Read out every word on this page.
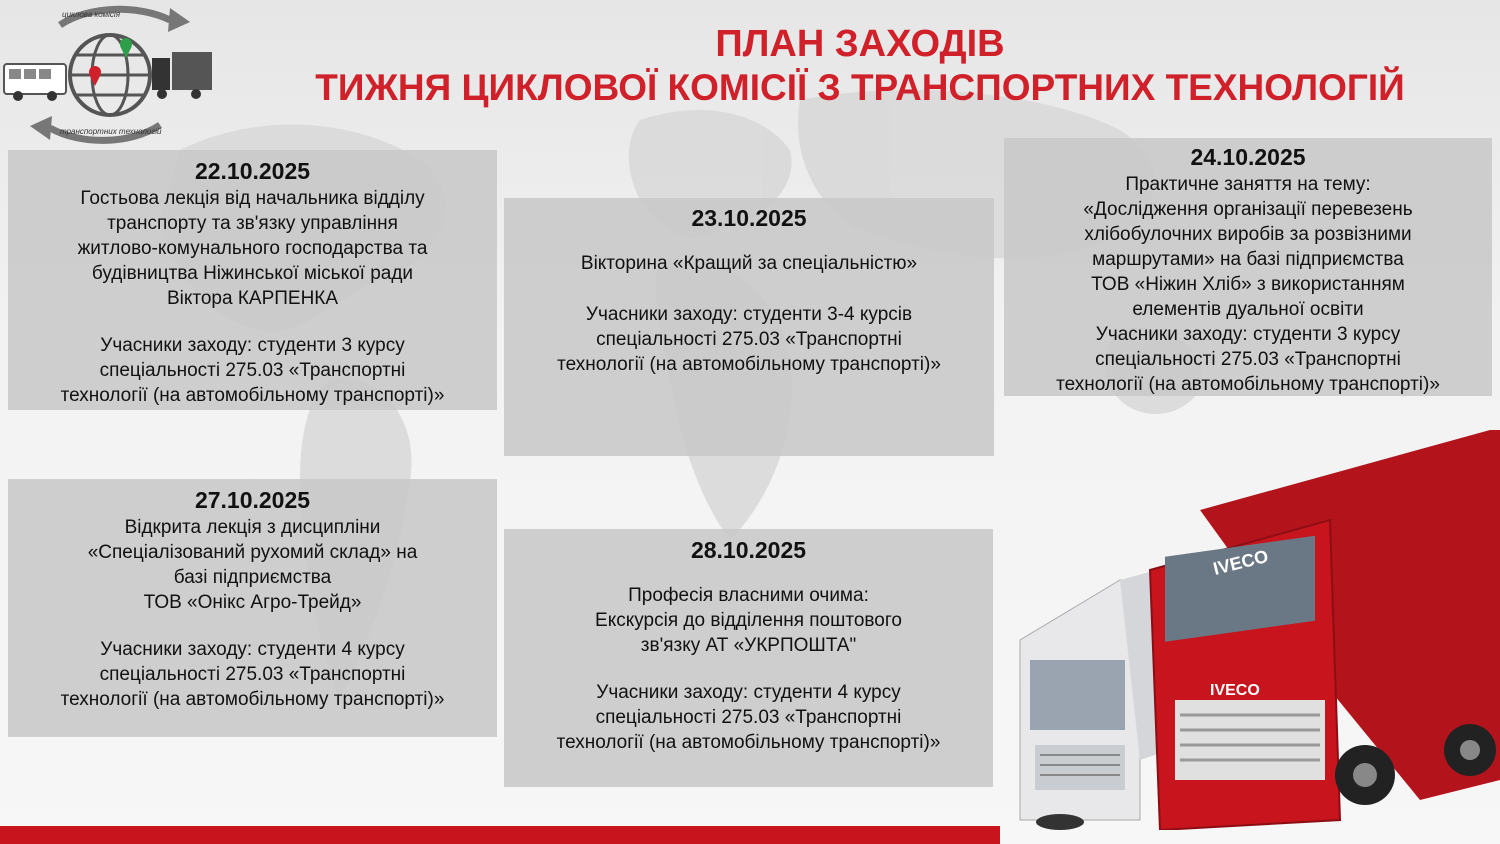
циклова комісія
транспортних технологій
ПЛАН ЗАХОДІВ
ТИЖНЯ ЦИКЛОВОЇ КОМІСІЇ З ТРАНСПОРТНИХ ТЕХНОЛОГІЙ
22.10.2025
Гостьова лекція від начальника відділу
транспорту та зв'язку управління
житлово-комунального господарства та
будівництва Ніжинської міської ради
Віктора КАРПЕНКА
Учасники заходу: студенти 3 курсу
спеціальності 275.03 «Транспортні
технології (на автомобільному транспорті)»
23.10.2025
Вікторина «Кращий за спеціальністю»
Учасники заходу: студенти 3-4 курсів
спеціальності 275.03 «Транспортні
технології (на автомобільному транспорті)»
24.10.2025
Практичне заняття на тему:
«Дослідження організації перевезень
хлібобулочних виробів за розвізними
маршрутами» на базі підприємства
ТОВ «Ніжин Хліб» з використанням
елементів дуальної освіти
Учасники заходу: студенти 3 курсу
спеціальності 275.03 «Транспортні
технології (на автомобільному транспорті)»
27.10.2025
Відкрита лекція з дисципліни
«Спеціалізований рухомий склад» на
базі підприємства
ТОВ «Онікс Агро-Трейд»
Учасники заходу: студенти 4 курсу
спеціальності 275.03 «Транспортні
технології (на автомобільному транспорті)»
28.10.2025
Професія власними очима:
Екскурсія до відділення поштового
зв'язку АТ «УКРПОШТА"
Учасники заходу: студенти 4 курсу
спеціальності 275.03 «Транспортні
технології (на автомобільному транспорті)»
IVECO
IVECO
